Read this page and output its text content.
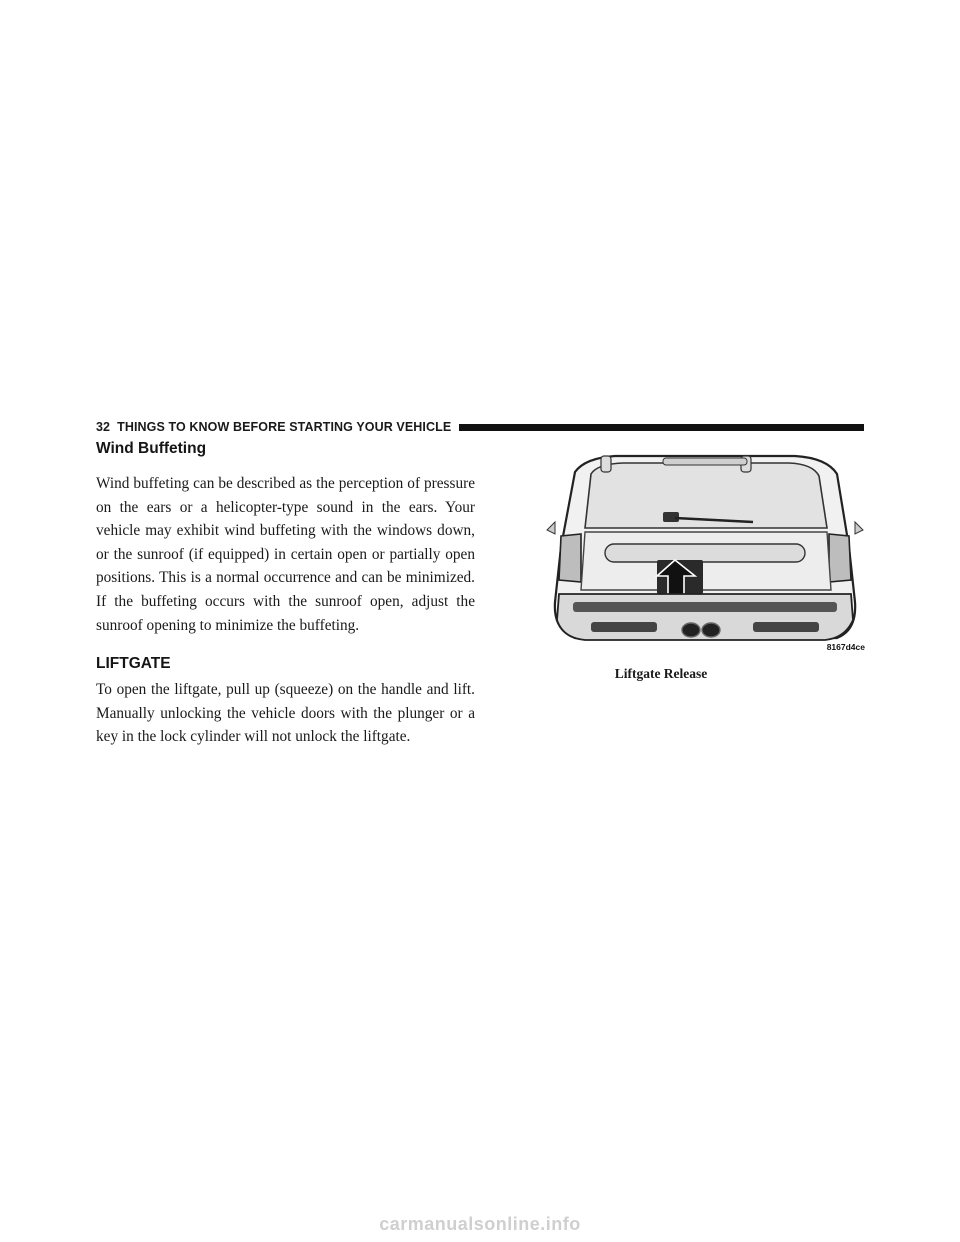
32 THINGS TO KNOW BEFORE STARTING YOUR VEHICLE
Wind Buffeting

Wind buffeting can be described as the perception of pressure on the ears or a helicopter-type sound in the ears. Your vehicle may exhibit wind buffeting with the windows down, or the sunroof (if equipped) in certain open or partially open positions. This is a normal occurrence and can be minimized. If the buffeting occurs with the sunroof open, adjust the sunroof opening to minimize the buffeting.

LIFTGATE

To open the liftgate, pull up (squeeze) on the handle and lift. Manually unlocking the vehicle doors with the plunger or a key in the lock cylinder will not unlock the liftgate.

8167d4ce
Liftgate Release
carmanualsonline.info
